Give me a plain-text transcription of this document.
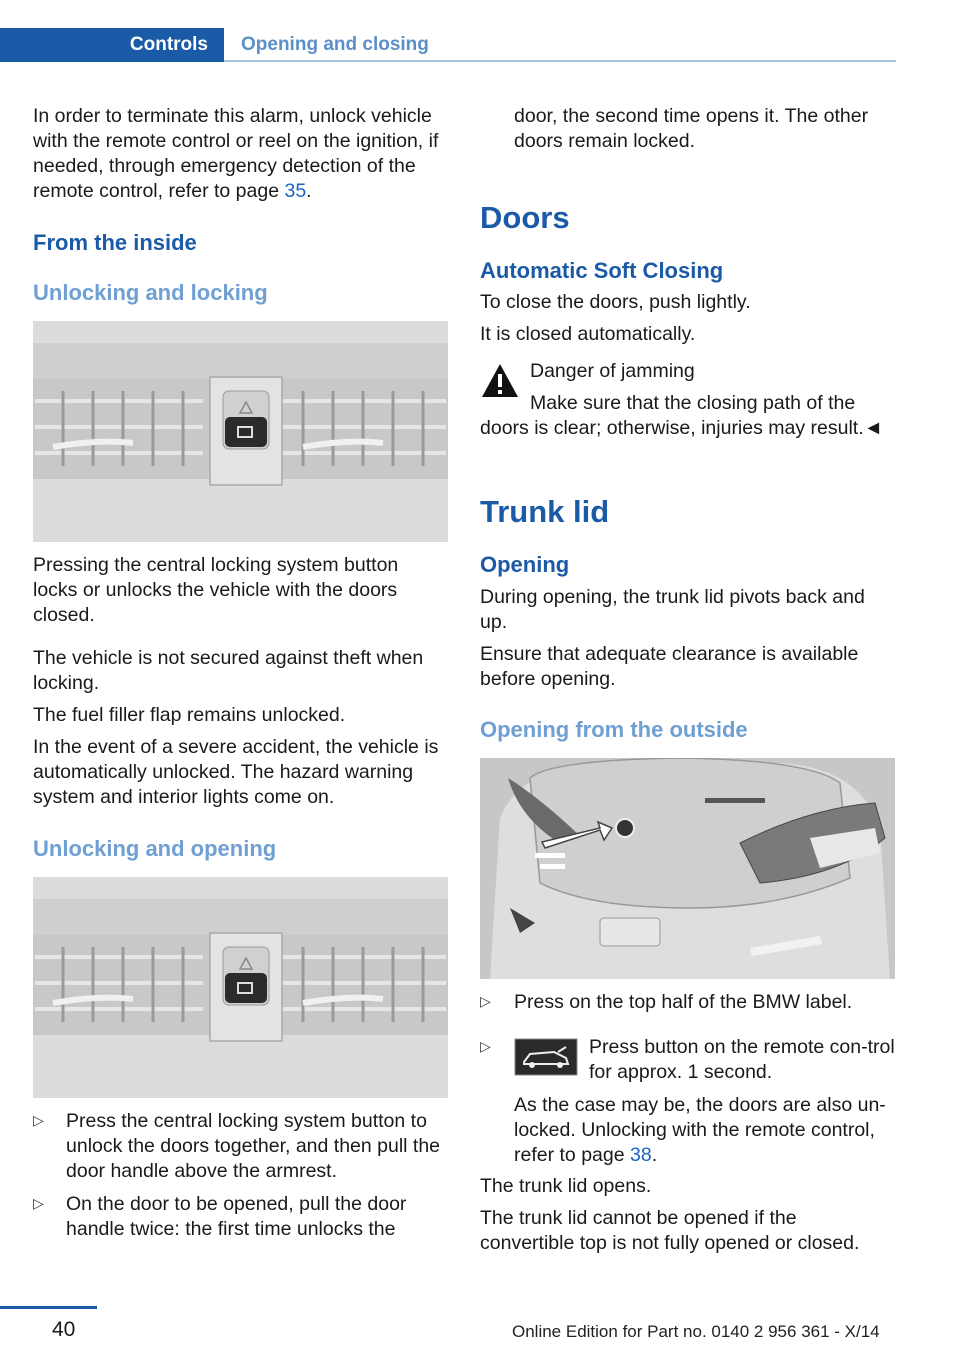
Controls Opening and closing

In order to terminate this alarm, unlock vehicle with the remote control or reel on the ignition, if needed, through emergency detection of the remote control, refer to page 35.

From the inside
Unlocking and locking

Pressing the central locking system button locks or unlocks the vehicle with the doors closed.

The vehicle is not secured against theft when locking.

The fuel filler flap remains unlocked.

In the event of a severe accident, the vehicle is automatically unlocked. The hazard warning system and interior lights come on.

Unlocking and opening
▷ Press the central locking system button to unlock the doors together, and then pull the door handle above the armrest.

▷ On the door to be opened, pull the door handle twice: the first time unlocks the

door, the second time opens it. The other doors remain locked.

Doors
Automatic Soft Closing

To close the doors, push lightly.

It is closed automatically.

Danger of jamming

Make sure that the closing path of the

doors is clear; otherwise, injuries may result.◄

Trunk lid
Opening

During opening, the trunk lid pivots back and up.

Ensure that adequate clearance is available before opening.

Opening from the outside
▷ Press on the top half of the BMW label.

▷	Press button on the remote con-trol for approx. 1 second.

As the case may be, the doors are also un-locked. Unlocking with the remote control, refer to page 38.

The trunk lid opens.

The trunk lid cannot be opened if the convertible top is not fully opened or closed.

40	Online Edition for Part no. 0140 2 956 361 - X/14
